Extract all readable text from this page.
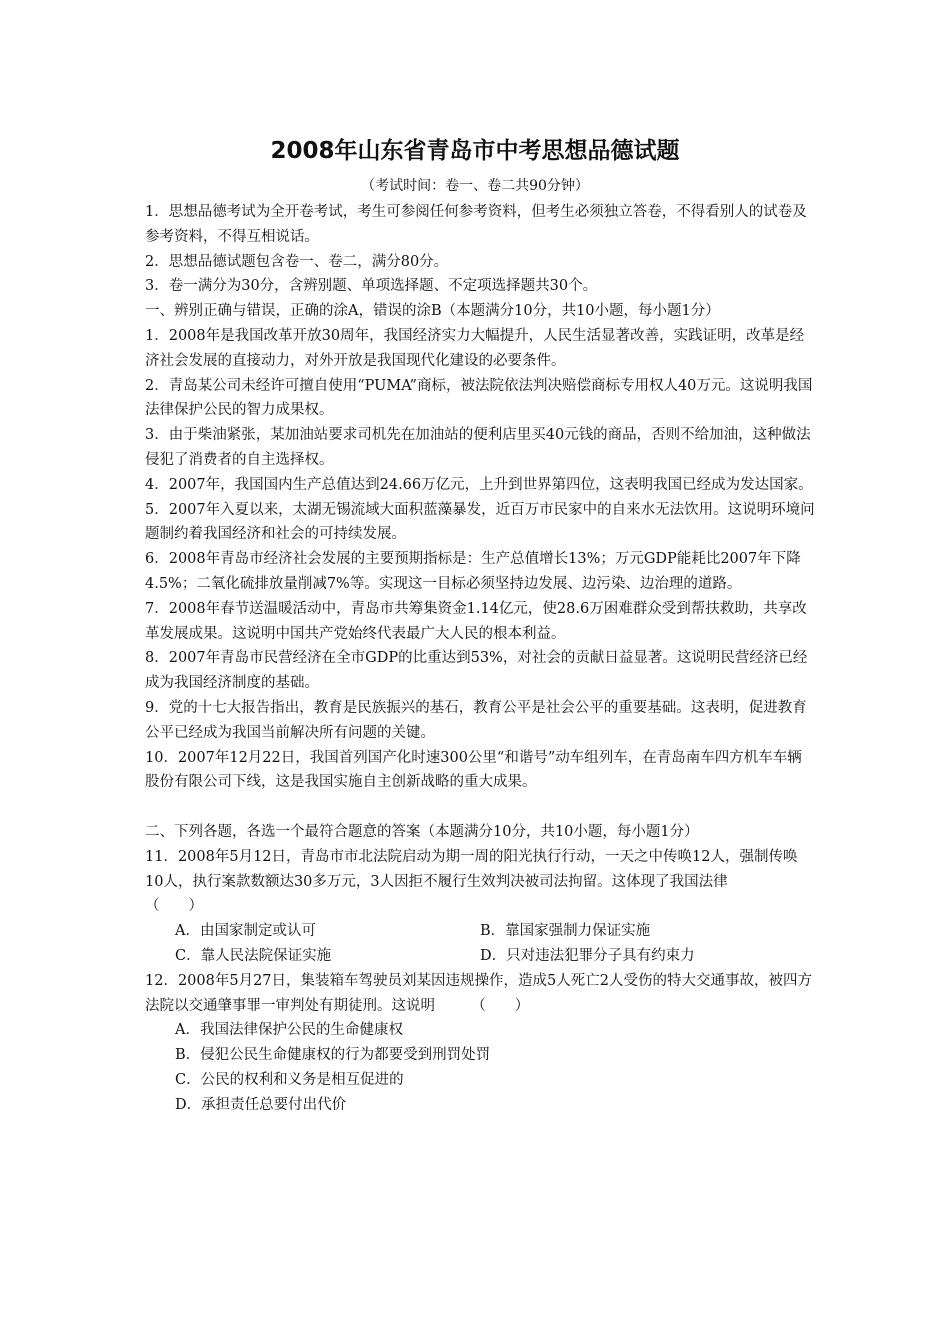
2008年山东省青岛市中考思想品德试题

（考试时间：卷一、卷二共90分钟）

1．思想品德考试为全开卷考试，考生可参阅任何参考资料，但考生必须独立答卷，不得看别人的试卷及参考资料，不得互相说话。

2．思想品德试题包含卷一、卷二，满分80分。

3．卷一满分为30分，含辨别题、单项选择题、不定项选择题共30个。

一、辨别正确与错误，正确的涂A，错误的涂B（本题满分10分，共10小题，每小题1分）

1．2008年是我国改革开放30周年，我国经济实力大幅提升，人民生活显著改善，实践证明，改革是经济社会发展的直接动力，对外开放是我国现代化建设的必要条件。

2．青岛某公司未经许可擅自使用“PUMA”商标，被法院依法判决赔偿商标专用权人40万元。这说明我国法律保护公民的智力成果权。

3．由于柴油紧张，某加油站要求司机先在加油站的便利店里买40元钱的商品，否则不给加油，这种做法侵犯了消费者的自主选择权。

4．2007年，我国国内生产总值达到24.66万亿元，上升到世界第四位，这表明我国已经成为发达国家。

5．2007年入夏以来，太湖无锡流域大面积蓝藻暴发，近百万市民家中的自来水无法饮用。这说明环境问题制约着我国经济和社会的可持续发展。

6．2008年青岛市经济社会发展的主要预期指标是：生产总值增长13%；万元GDP能耗比2007年下降4.5%；二氧化硫排放量削减7%等。实现这一目标必须坚持边发展、边污染、边治理的道路。

7．2008年春节送温暖活动中，青岛市共筹集资金1.14亿元，使28.6万困难群众受到帮扶救助，共享改革发展成果。这说明中国共产党始终代表最广大人民的根本利益。

8．2007年青岛市民营经济在全市GDP的比重达到53%，对社会的贡献日益显著。这说明民营经济已经成为我国经济制度的基础。

9．党的十七大报告指出，教育是民族振兴的基石，教育公平是社会公平的重要基础。这表明，促进教育公平已经成为我国当前解决所有问题的关键。

10．2007年12月22日，我国首列国产化时速300公里“和谐号”动车组列车，在青岛南车四方机车车辆股份有限公司下线，这是我国实施自主创新战略的重大成果。

二、下列各题，各选一个最符合题意的答案（本题满分10分，共10小题，每小题1分）

11．2008年5月12日，青岛市市北法院启动为期一周的阳光执行行动，一天之中传唤12人，强制传唤10人，执行案款数额达30多万元，3人因拒不履行生效判决被司法拘留。这体现了我国法律　　　　　　（　　）

A．由国家制定或认可	B．靠国家强制力保证实施
C．靠人民法院保证实施	D．只对违法犯罪分子具有约束力

12．2008年5月27日，集装箱车驾驶员刘某因违规操作，造成5人死亡2人受伤的特大交通事故，被四方法院以交通肇事罪一审判处有期徒刑。这说明　　　（　　）

A．我国法律保护公民的生命健康权

B．侵犯公民生命健康权的行为都要受到刑罚处罚

C．公民的权利和义务是相互促进的

D．承担责任总要付出代价
